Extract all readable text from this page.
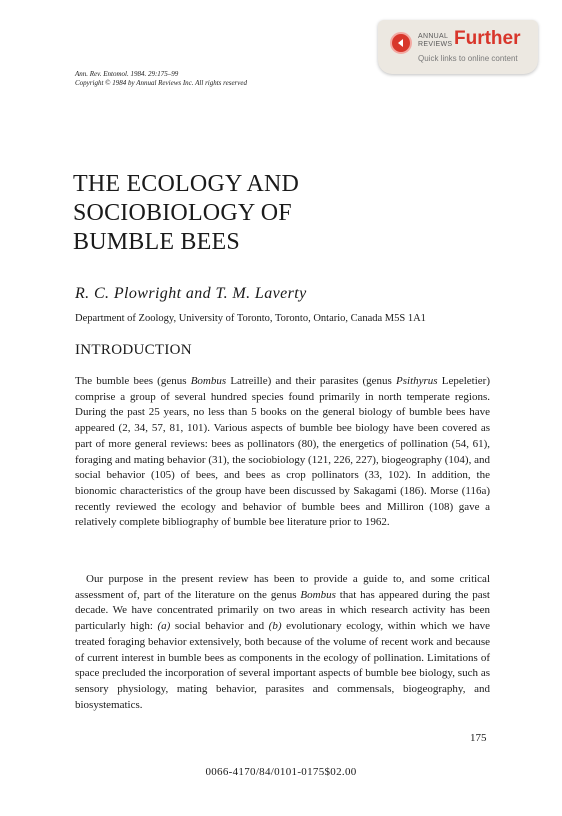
ANNUAL
REVIEWS Further
Quick links to online content
Ann. Rev. Entomol. 1984. 29:175–99
Copyright © 1984 by Annual Reviews Inc. All rights reserved
THE ECOLOGY AND
SOCIOBIOLOGY OF
BUMBLE BEES
R. C. Plowright and T. M. Laverty
Department of Zoology, University of Toronto, Toronto, Ontario, Canada M5S 1A1
INTRODUCTION

The bumble bees (genus Bombus Latreille) and their parasites (genus Psithyrus Lepeletier) comprise a group of several hundred species found primarily in north temperate regions. During the past 25 years, no less than 5 books on the general biology of bumble bees have appeared (2, 34, 57, 81, 101). Various aspects of bumble bee biology have been covered as part of more general reviews: bees as pollinators (80), the energetics of pollination (54, 61), foraging and mating behavior (31), the sociobiology (121, 226, 227), biogeography (104), and social behavior (105) of bees, and bees as crop pollinators (33, 102). In addition, the bionomic characteristics of the group have been discussed by Sakagami (186). Morse (116a) recently reviewed the ecology and behavior of bumble bees and Milliron (108) gave a relatively complete bibliography of bumble bee literature prior to 1962.

Our purpose in the present review has been to provide a guide to, and some critical assessment of, part of the literature on the genus Bombus that has appeared during the past decade. We have concentrated primarily on two areas in which research activity has been particularly high: (a) social behavior and (b) evolutionary ecology, within which we have treated foraging behavior extensively, both because of the volume of recent work and because of current interest in bumble bees as components in the ecology of pollination. Limitations of space precluded the incorporation of several important aspects of bumble bee biology, such as sensory physiology, mating behavior, parasites and commensals, biogeography, and biosystematics.

175
0066-4170/84/0101-0175$02.00
